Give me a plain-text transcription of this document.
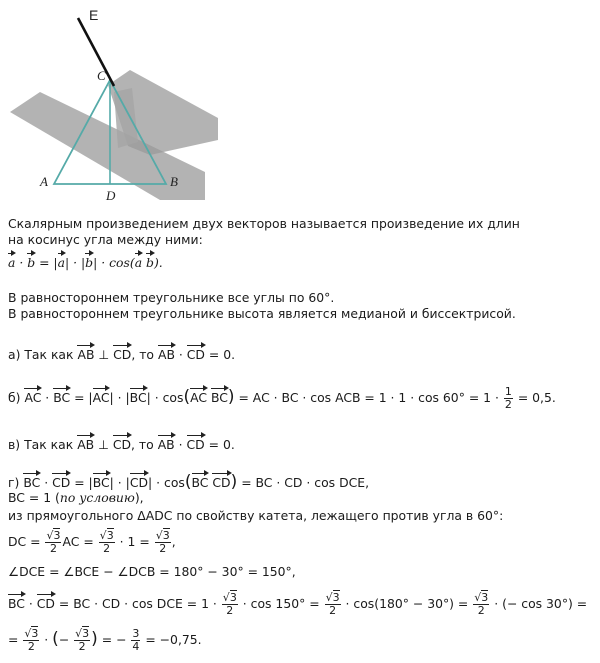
E
C
A
D
B
Скалярным произведением двух векторов называется произведение их длин
на косинус угла между ними:
a · b = |a| · |b| · cos(a b).
В равностороннем треугольнике все углы по 60°.
В равностороннем треугольнике высота является медианой и биссектрисой.
а) Так как AB ⊥ CD, то AB · CD = 0.
б) AC · BC = |AC| · |BC| · cos(AC BC) = AC · BC · cos ACB = $1 \cdot 1 \cdot \cos 60^\circ = 1 \cdot \frac{1}{2} = 0,5$.
в) Так как AB ⊥ CD, то AB · CD = 0.
г) BC · CD = |BC| · |CD| · cos(BC CD) = BC · CD · cos DCE,
BC = 1 (по условию),
из прямоугольного ΔADC по свойству катета, лежащего против угла в 60°:
DC = $\frac{√3}{2}$ AC = $\frac{√3}{2} \cdot 1 = \frac{√3}{2}$ ,
∠DCE = ∠BCE − ∠DCB = 180° − 30° = 150°,
BC · CD = BC · CD · cos DCE = $1 \cdot \frac{√3}{2} \cdot \cos 150^\circ = \frac{√3}{2} \cdot \cos(180^\circ - 30^\circ) = \frac{√3}{2}$ · (− cos 30°) =
= $\frac{√3}{2}$ · (− $\frac{√3}{2}$ ) = − $\frac{3}{4} = -0,75$.
